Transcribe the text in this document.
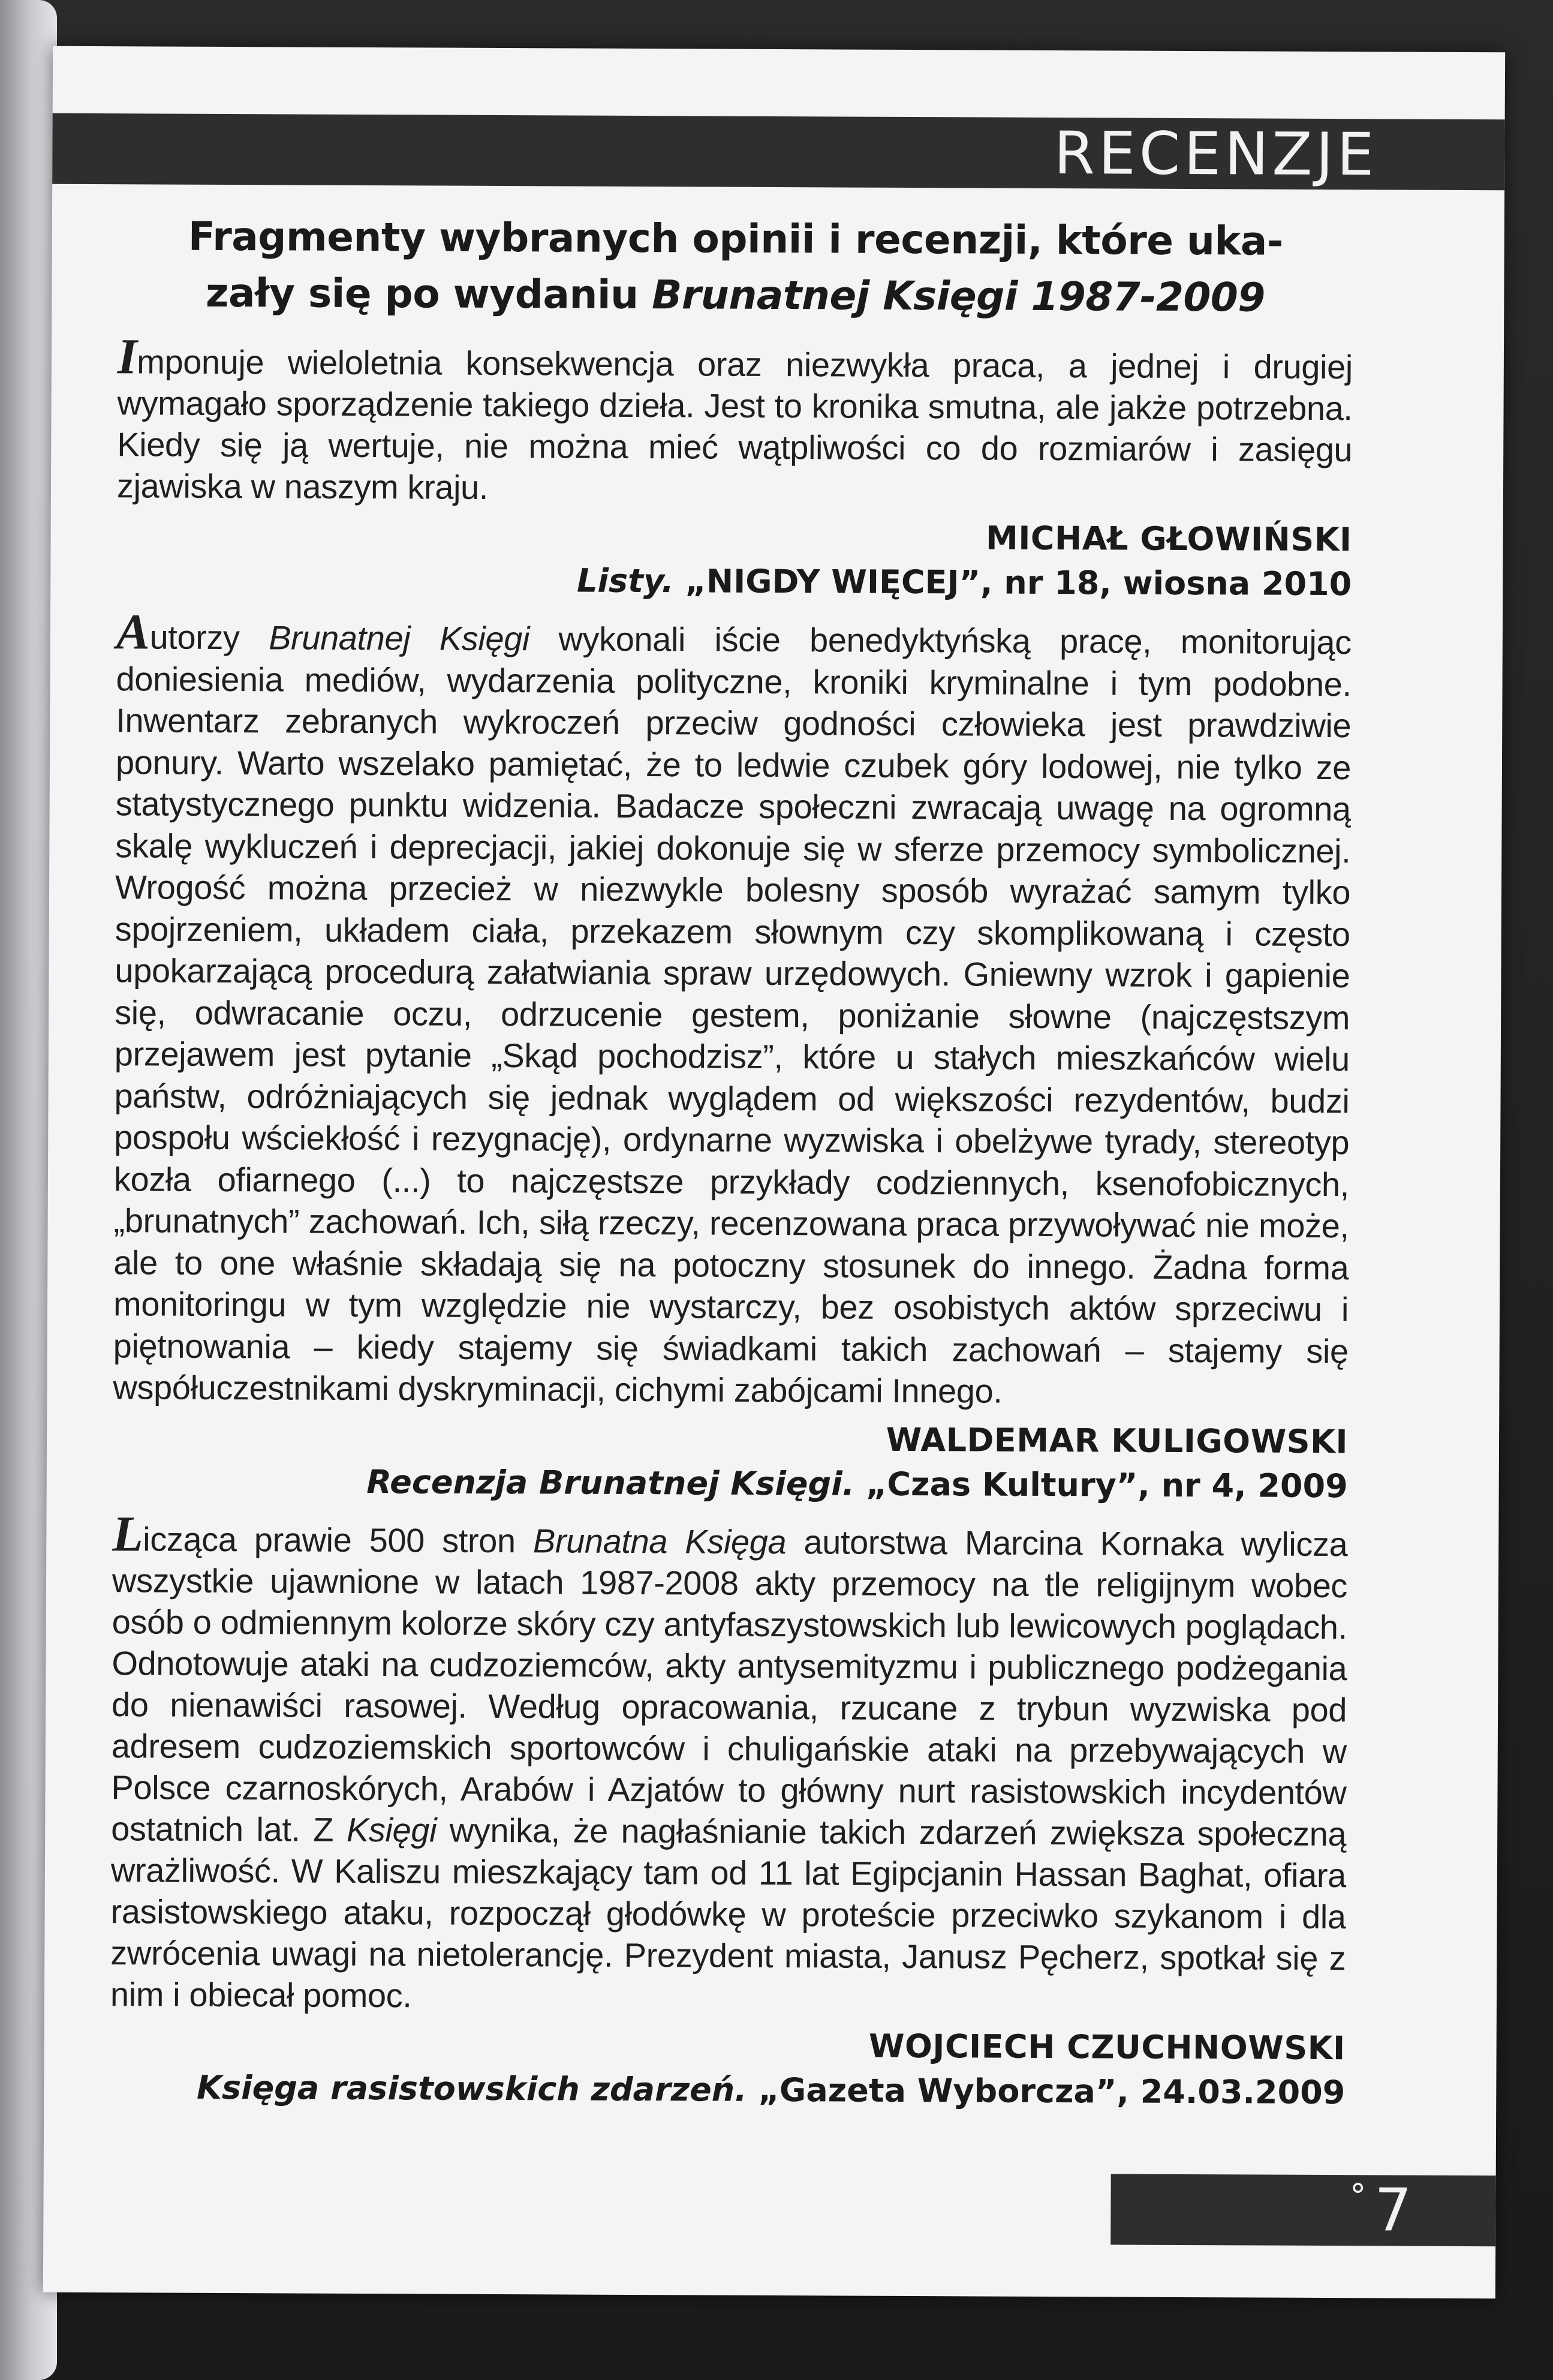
RECENZJE
Fragmenty wybranych opinii i recenzji, które uka-
zały się po wydaniu Brunatnej Księgi 1987-2009

Imponuje wieloletnia konsekwencja oraz niezwykła praca, a jednej i drugiej wymagało sporządzenie takiego dzieła. Jest to kronika smutna, ale jakże potrzebna. Kiedy się ją wertuje, nie można mieć wątpliwości co do rozmiarów i zasięgu zjawiska w naszym kraju.

MICHAŁ GŁOWIŃSKI
Listy. „NIGDY WIĘCEJ”, nr 18, wiosna 2010

Autorzy Brunatnej Księgi wykonali iście benedyktyńską pracę, monitorując doniesienia mediów, wydarzenia polityczne, kroniki kryminalne i tym podobne. Inwentarz zebranych wykroczeń przeciw godności człowieka jest prawdziwie ponury. Warto wszelako pamiętać, że to ledwie czubek góry lodowej, nie tylko ze statystycznego punktu widzenia. Badacze społeczni zwracają uwagę na ogromną skalę wykluczeń i deprecjacji, jakiej dokonuje się w sferze przemocy symbolicznej. Wrogość można przecież w niezwykle bolesny sposób wyrażać samym tylko spojrzeniem, układem ciała, przekazem słownym czy skomplikowaną i często upokarzającą procedurą załatwiania spraw urzędowych. Gniewny wzrok i gapienie się, odwracanie oczu, odrzucenie gestem, poniżanie słowne (najczęstszym przejawem jest pytanie „Skąd pochodzisz”, które u stałych mieszkańców wielu państw, odróżniających się jednak wyglądem od większości rezydentów, budzi pospołu wściekłość i rezygnację), ordynarne wyzwiska i obelżywe tyrady, stereotyp kozła ofiarnego (...) to najczęstsze przykłady codziennych, ksenofobicznych, „brunatnych” zachowań. Ich, siłą rzeczy, recenzowana praca przywoływać nie może, ale to one właśnie składają się na potoczny stosunek do innego. Żadna forma monitoringu w tym względzie nie wystarczy, bez osobistych aktów sprzeciwu i piętnowania – kiedy stajemy się świadkami takich zachowań – stajemy się współuczestnikami dyskryminacji, cichymi zabójcami Innego.

WALDEMAR KULIGOWSKI
Recenzja Brunatnej Księgi. „Czas Kultury”, nr 4, 2009

Licząca prawie 500 stron Brunatna Księga autorstwa Marcina Kornaka wylicza wszystkie ujawnione w latach 1987-2008 akty przemocy na tle religijnym wobec osób o odmiennym kolorze skóry czy antyfaszystowskich lub lewicowych poglądach. Odnotowuje ataki na cudzoziemców, akty antysemityzmu i publicznego podżegania do nienawiści rasowej. Według opracowania, rzucane z trybun wyzwiska pod adresem cudzoziemskich sportowców i chuligańskie ataki na przebywających w Polsce czarnoskórych, Arabów i Azjatów to główny nurt rasistowskich incydentów ostatnich lat. Z Księgi wynika, że nagłaśnianie takich zdarzeń zwiększa społeczną wrażliwość. W Kaliszu mieszkający tam od 11 lat Egipcjanin Hassan Baghat, ofiara rasistowskiego ataku, rozpoczął głodówkę w proteście przeciwko szykanom i dla zwrócenia uwagi na nietolerancję. Prezydent miasta, Janusz Pęcherz, spotkał się z nim i obiecał pomoc.

WOJCIECH CZUCHNOWSKI
Księga rasistowskich zdarzeń. „Gazeta Wyborcza”, 24.03.2009
° 7
